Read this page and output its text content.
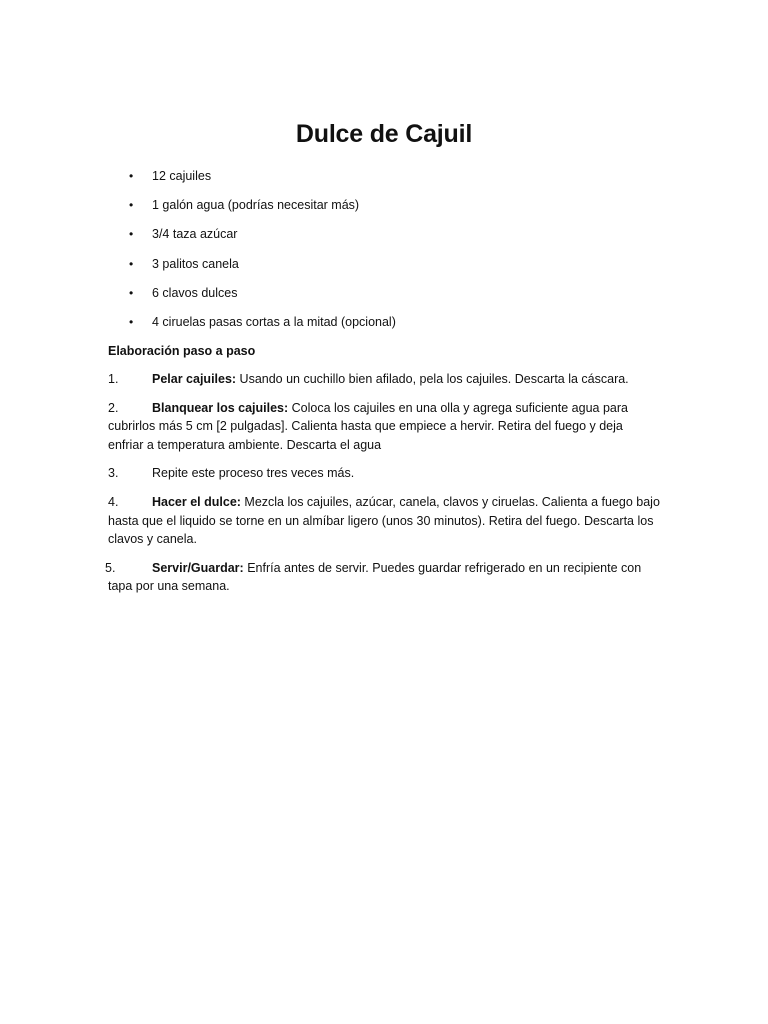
Dulce de Cajuil
• 12 cajuiles
• 1 galón agua (podrías necesitar más)
• 3/4 taza azúcar
• 3 palitos canela
• 6 clavos dulces
• 4 ciruelas pasas cortas a la mitad (opcional)
Elaboración paso a paso
1.	Pelar cajuiles: Usando un cuchillo bien afilado, pela los cajuiles. Descarta la cáscara.
2.	Blanquear los cajuiles: Coloca los cajuiles en una olla y agrega suficiente agua para cubrirlos más 5 cm [2 pulgadas]. Calienta hasta que empiece a hervir. Retira del fuego y deja enfriar a temperatura ambiente. Descarta el agua
3.	Repite este proceso tres veces más.
4.	Hacer el dulce: Mezcla los cajuiles, azúcar, canela, clavos y ciruelas. Calienta a fuego bajo hasta que el liquido se torne en un almíbar ligero (unos 30 minutos). Retira del fuego. Descarta los clavos y canela.
5.	Servir/Guardar: Enfría antes de servir. Puedes guardar refrigerado en un recipiente con tapa por una semana.
